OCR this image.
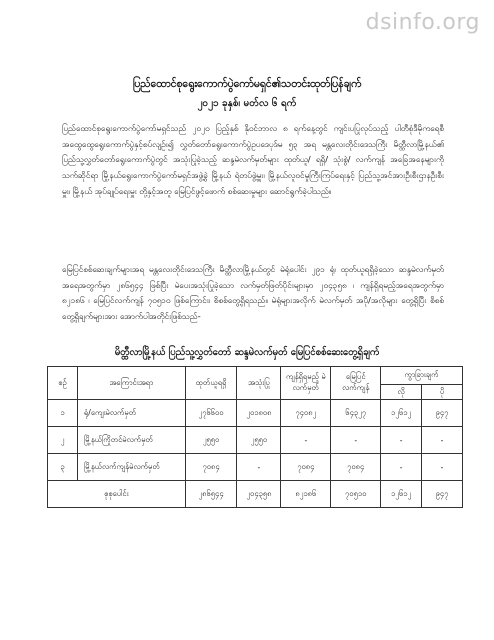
dsinfo.org
ပြည်ထောင်စုရွေးကောက်ပွဲကော်မရှင်၏သတင်းထုတ်ပြန်ချက်
၂၀၂၁ ခုနှစ်၊ မတ်လ ၆ ရက်
ပြည်ထောင်စုရွေးကောက်ပွဲကော်မရှင်သည် ၂၀၂၀ ပြည့်နှစ် နိုဝင်ဘာလ ၈ ရက်နေ့တွင် ကျင်းပပြုလုပ်သည့် ပါတီစုံဒီမိုကရေစီအထွေထွေရွေးကောက်ပွဲနှင့်စပ်လျဉ်း၍ လွှတ်တော်ရွေးကောက်ပွဲဥပဒေပုဒ်မ ၅၃ အရ မန္တလေးတိုင်းဒေသကြီး မိတ္ထီလာမြို့နယ်၏ ပြည်သူ့လွှတ်တော်ရွေးကောက်ပွဲတွင် အသုံးပြုခဲ့သည့် ဆန္ဒမဲလက်မှတ်များ ထုတ်ယူ/ ရရှိ/ သုံးစွဲ/ လက်ကျန် အခြေအနေများကို သက်ဆိုင်ရာ မြို့နယ်ရွေးကောက်ပွဲကော်မရှင်အဖွဲ့ခွဲ မြို့နယ် ရဲတပ်ဖွဲ့မှူး၊ မြို့နယ်လူဝင်မှုကြီးကြပ်ရေးနှင့် ပြည်သူ့အင်အားဦးစီးဌာနဦးစီးမှူး၊ မြို့နယ် အုပ်ချုပ်ရေးမှူး တို့နှင့်အတူ မြေပြင်ဖွင့်ဖောက် စစ်ဆေးမှုများ ဆောင်ရွက်ခဲ့ပါသည်။
မြေပြင်စစ်ဆေးချက်များအရ မန္တလေးတိုင်းဒေသကြီး မိတ္ထီလာမြို့နယ်တွင် မဲရုံပေါင်း ၂၉၁ ရုံ၊ ထုတ်ယူရရှိခဲ့သော ဆန္ဒမဲလက်မှတ်အရေအတွက်မှာ ၂၈၆၅၄၄ ဖြစ်ပြီး မဲပေးအသုံးပြုခဲ့သော လက်မှတ်ဖြတ်ပိုင်းများမှာ ၂၀၄၃၅၈ ၊ ကျန်ရှိရမည့်အရေအတွက်မှာ ၈၂၁၈၆ ၊ မြေပြင်လက်ကျန် ၇၀၅၁၀ ဖြစ်ကြောင်း၊ စိစစ်တွေ့ရှိရသည်။ မဲရုံများအလိုက် မဲလက်မှတ် အပို/အလိုများ တွေ့ရှိပြီး စိစစ်တွေ့ရှိချက်များအား အောက်ပါအတိုင်းဖြစ်သည်-
မိတ္ထီလာမြို့နယ် ပြည်သူ့လွှတ်တော် ဆန္ဒမဲလက်မှတ် မြေပြင်စစ်ဆေးတွေ့ရှိချက်
စဉ်	အကြောင်းအရာ	ထုတ်ယူရရှိ	အသုံးပြု	ကျန်ရှိရမည့် မဲလက်မှတ်	မြေပြင် လက်ကျန်	ကွာခြားချက်	
						လို	ပို
၁	ရုံ/ကျေးမဲလက်မှတ်	၂၇၆၆၀၀	၂၀၁၈၀၈	၇၄၀၈၂	၆၄၃၂၇	၁၂၆၁၂	၉၄၇
၂	မြို့နယ်ကြိုတင်မဲလက်မှတ်	၂၅၅၀	၂၅၅၀	-	-	-	-
၃	မြို့နယ်လက်ကျန်မဲလက်မှတ်	၇၀၈၄	-	၇၀၈၄	၇၀၈၄	-	-
စုစုပေါင်း		၂၈၆၅၄၄	၂၀၄၃၅၈	၈၂၁၈၆	၇၀၅၁၀	၁၂၆၁၂	၉၄၇
